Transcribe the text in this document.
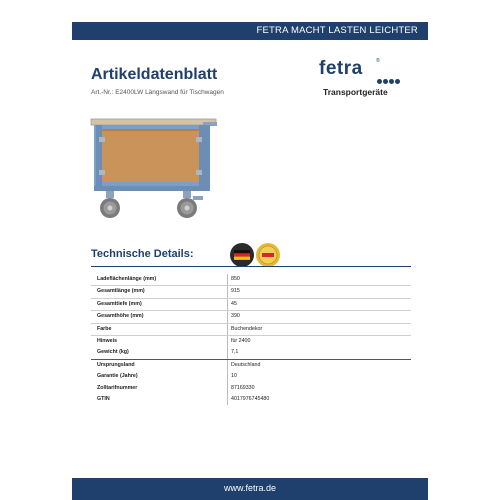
FETRA MACHT LASTEN LEICHTER
Artikeldatenblatt
Art.-Nr.: E2400LW Längswand für Tischwagen
fetra	®
Transportgeräte
Technische Details:
Ladeflächenlänge (mm)	850
Gesamtlänge (mm)	915
Gesamttiefe (mm)	45
Gesamthöhe (mm)	390
Farbe	Buchendekor
Hinweis	für 2400
Gewicht (kg)	7,1
Ursprungsland	Deutschland
Garantie (Jahre)	10
Zolltarifnummer	87169330
GTIN	4017976745480
www.fetra.de
